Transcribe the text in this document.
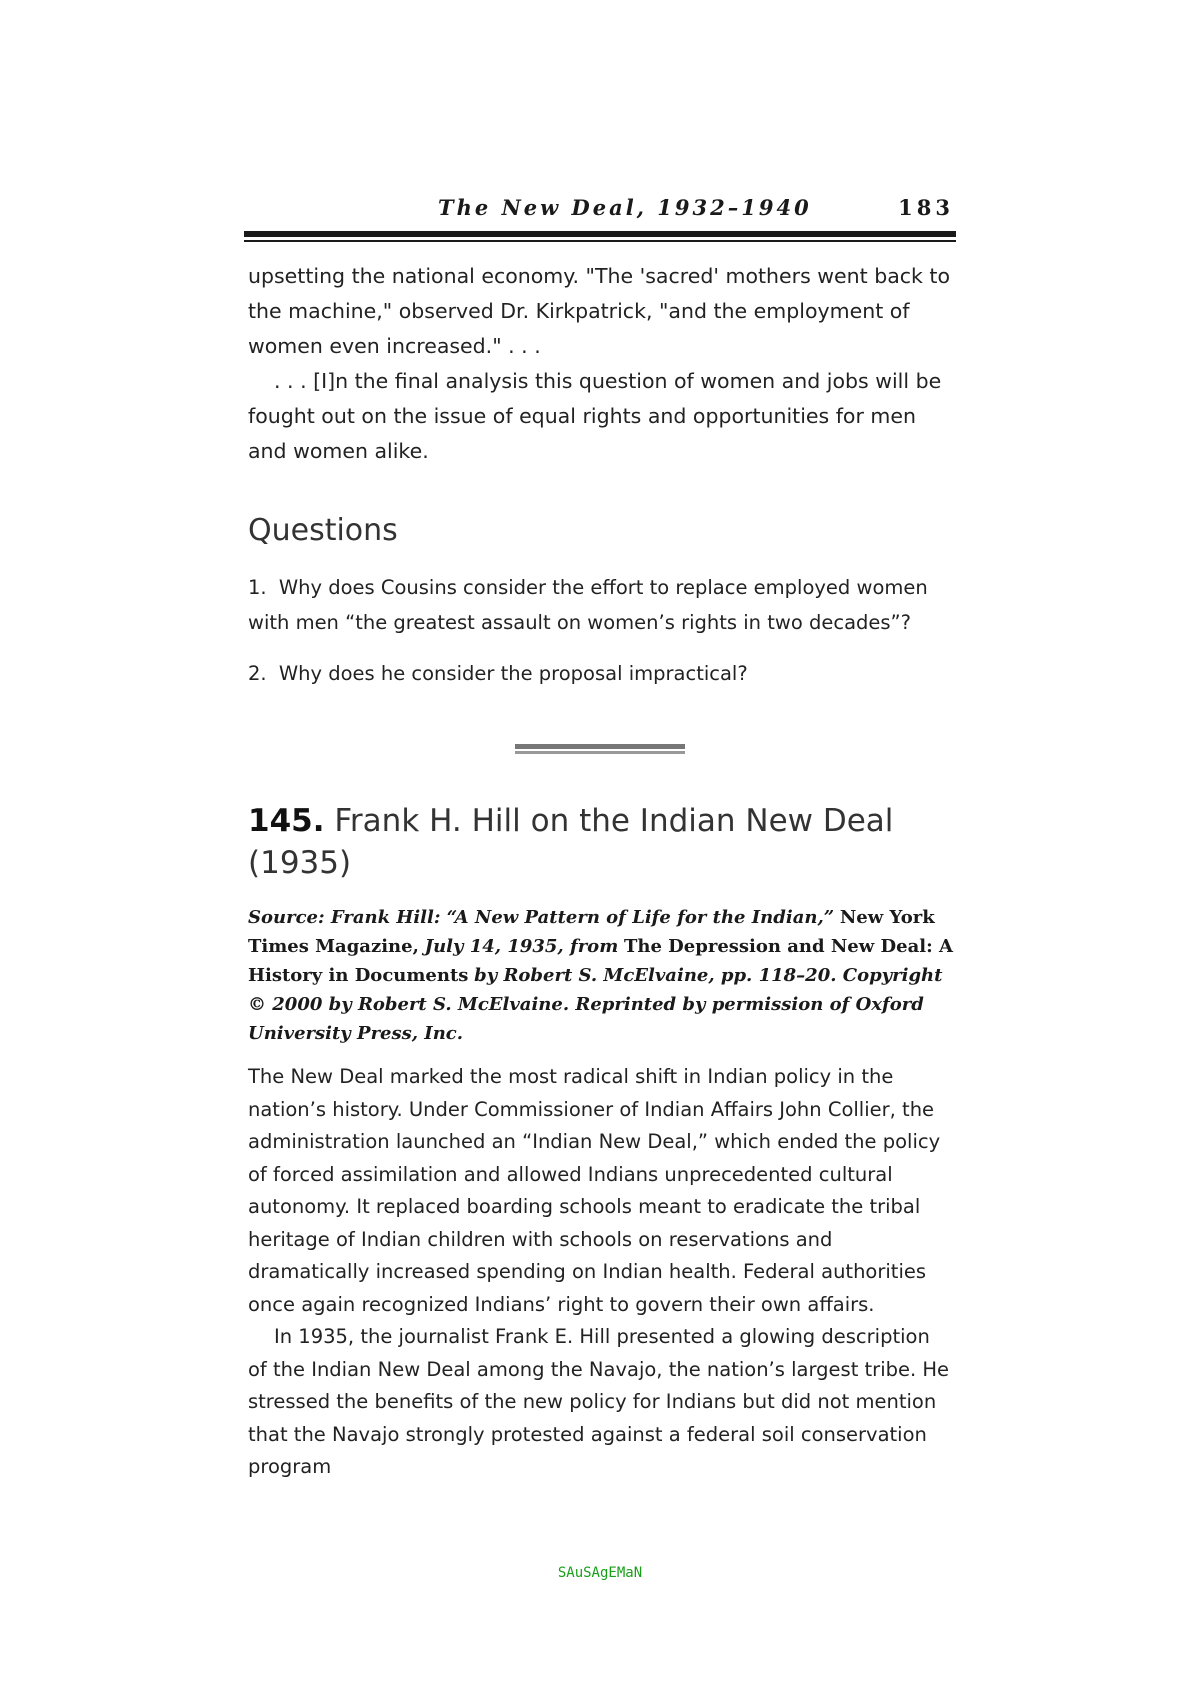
The New Deal, 1932–1940	183

upsetting the national economy. "The 'sacred' mothers went back to the machine," observed Dr. Kirkpatrick, "and the employment of women even increased." . . .

. . . [I]n the final analysis this question of women and jobs will be fought out on the issue of equal rights and opportunities for men and women alike.

Questions
1. Why does Cousins consider the effort to replace employed women with men “the greatest assault on women’s rights in two decades”?
2. Why does he consider the proposal impractical?
145. Frank H. Hill on the Indian New Deal (1935)
Source: Frank Hill: “A New Pattern of Life for the Indian,” New York Times Magazine, July 14, 1935, from The Depression and New Deal: A History in Documents by Robert S. McElvaine, pp. 118–20. Copyright © 2000 by Robert S. McElvaine. Reprinted by permission of Oxford University Press, Inc.

The New Deal marked the most radical shift in Indian policy in the nation’s history. Under Commissioner of Indian Affairs John Collier, the administration launched an “Indian New Deal,” which ended the policy of forced assimilation and allowed Indians unprecedented cultural autonomy. It replaced boarding schools meant to eradicate the tribal heritage of Indian children with schools on reservations and dramatically increased spending on Indian health. Federal authorities once again recognized Indians’ right to govern their own affairs.

In 1935, the journalist Frank E. Hill presented a glowing description of the Indian New Deal among the Navajo, the nation’s largest tribe. He stressed the benefits of the new policy for Indians but did not mention that the Navajo strongly protested against a federal soil conservation program

SAuSAgEMaN
